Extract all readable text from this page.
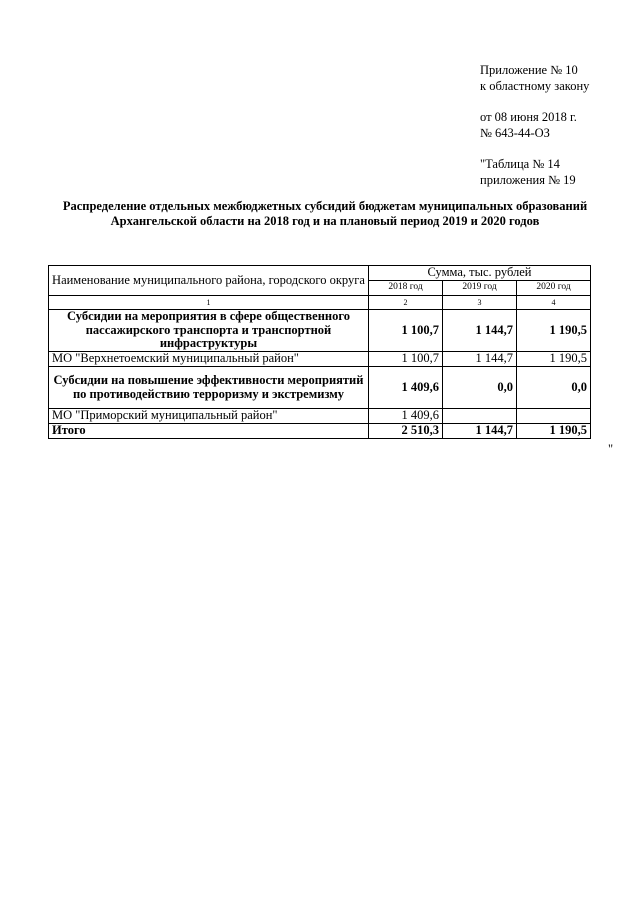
Приложение № 10
к областному закону
от 08 июня 2018 г.
№ 643-44-ОЗ
"Таблица № 14
приложения № 19
Распределение отдельных межбюджетных субсидий бюджетам муниципальных образований
Архангельской области на 2018 год и на плановый период 2019 и 2020 годов
Наименование муниципального района, городского округа	Сумма, тыс. рублей		
	2018 год	2019 год	2020 год
1	2	3	4
Субсидии на мероприятия в сфере общественного пассажирского транспорта и транспортной инфраструктуры	1 100,7	1 144,7	1 190,5
МО "Верхнетоемский муниципальный район"	1 100,7	1 144,7	1 190,5
Субсидии на повышение эффективности мероприятий по противодействию терроризму и экстремизму	1 409,6	0,0	0,0
МО "Приморский муниципальный район"	1 409,6		
Итого	2 510,3	1 144,7	1 190,5
"
